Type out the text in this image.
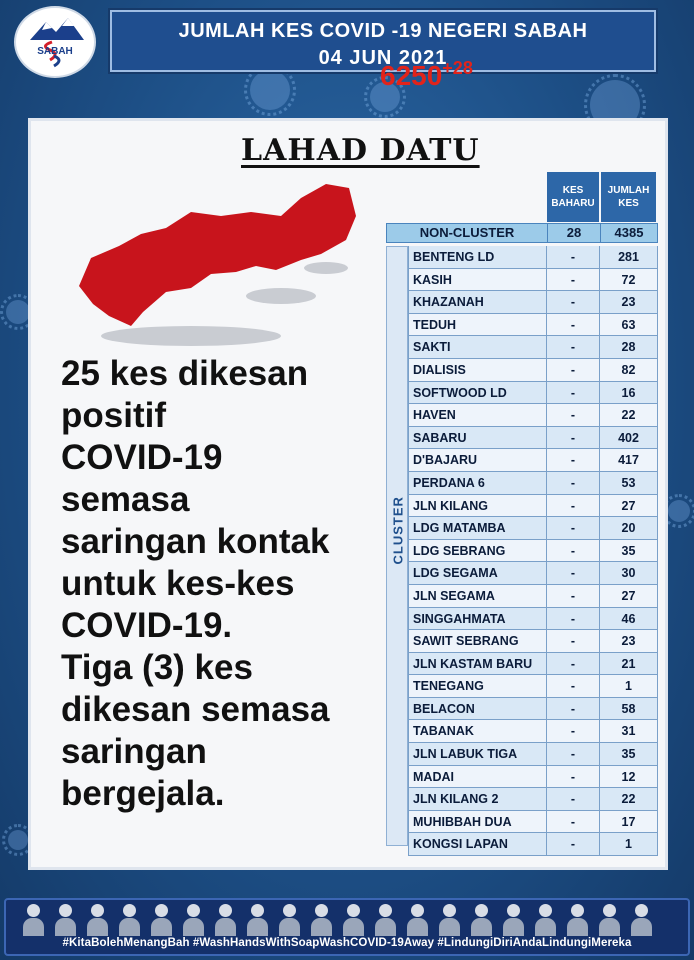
SABAH
JUMLAH KES COVID -19 NEGERI SABAH
04 JUN 2021
LAHAD DATU
25 kes dikesan
positif
COVID-19
semasa
saringan kontak
untuk kes-kes
COVID-19.
Tiga (3) kes
dikesan semasa
saringan
bergejala.
$6250^{+28}$
KES BAHARU
JUMLAH KES
NON-CLUSTER	28	4385
CLUSTER
BENTENG LD	-	281
KASIH	-	72
KHAZANAH	-	23
TEDUH	-	63
SAKTI	-	28
DIALISIS	-	82
SOFTWOOD LD	-	16
HAVEN	-	22
SABARU	-	402
D'BAJARU	-	417
PERDANA 6	-	53
JLN KILANG	-	27
LDG MATAMBA	-	20
LDG SEBRANG	-	35
LDG SEGAMA	-	30
JLN SEGAMA	-	27
SINGGAHMATA	-	46
SAWIT SEBRANG	-	23
JLN KASTAM BARU	-	21
TENEGANG	-	1
BELACON	-	58
TABANAK	-	31
JLN LABUK TIGA	-	35
MADAI	-	12
JLN KILANG 2	-	22
MUHIBBAH DUA	-	17
KONGSI LAPAN	-	1
#KitaBolehMenangBah #WashHandsWithSoapWashCOVID-19Away #LindungiDiriAndaLindungiMereka
